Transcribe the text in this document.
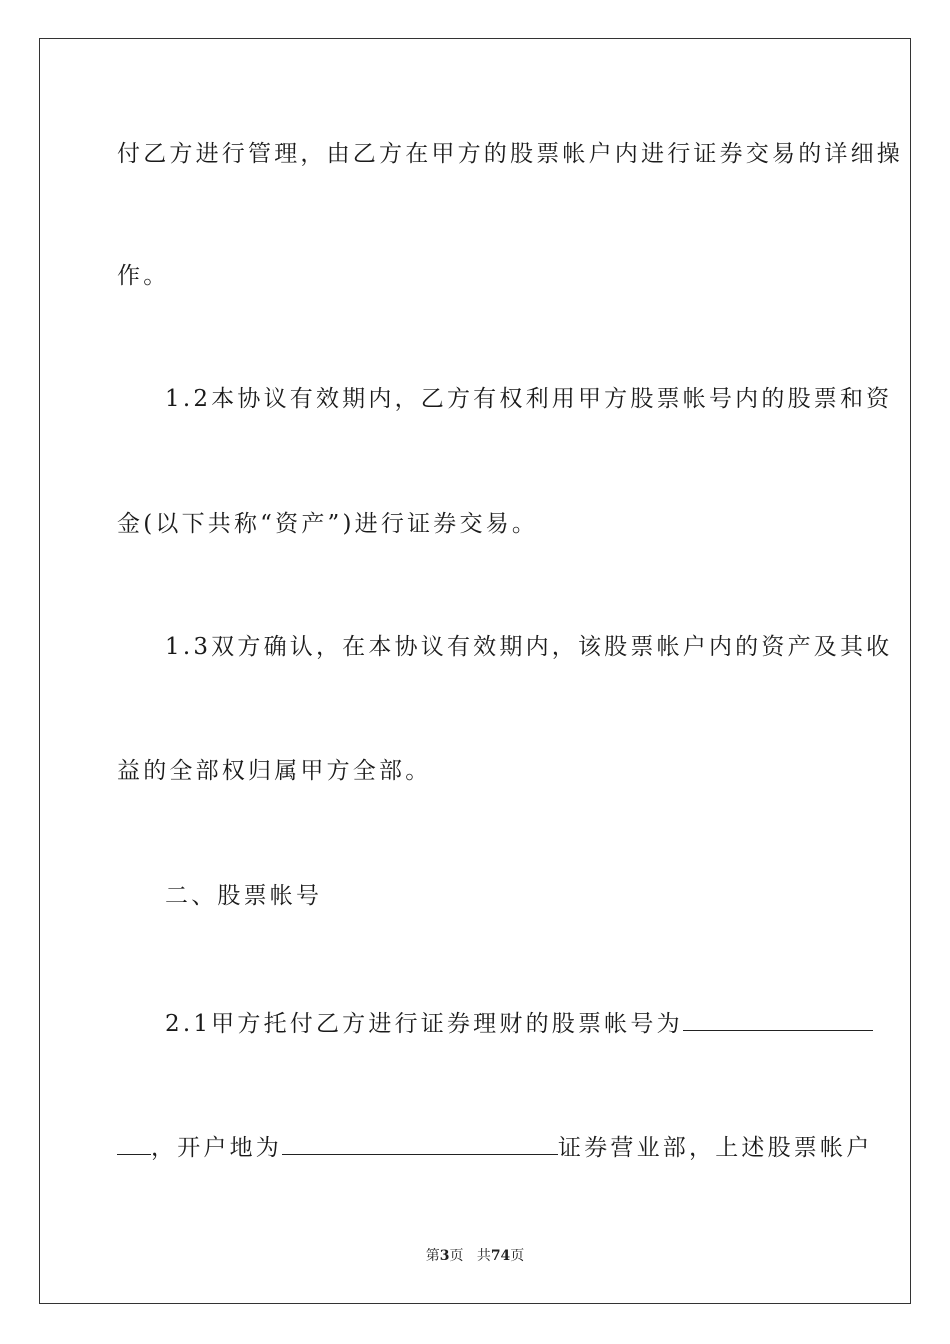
付乙方进行管理，由乙方在甲方的股票帐户内进行证券交易的详细操
作。
1.2本协议有效期内，乙方有权利用甲方股票帐号内的股票和资
金(以下共称“资产”)进行证券交易。
1.3双方确认，在本协议有效期内，该股票帐户内的资产及其收
益的全部权归属甲方全部。
二、股票帐号
2.1甲方托付乙方进行证券理财的股票帐号为
，开户地为	证券营业部，上述股票帐户
第3页 共74页
